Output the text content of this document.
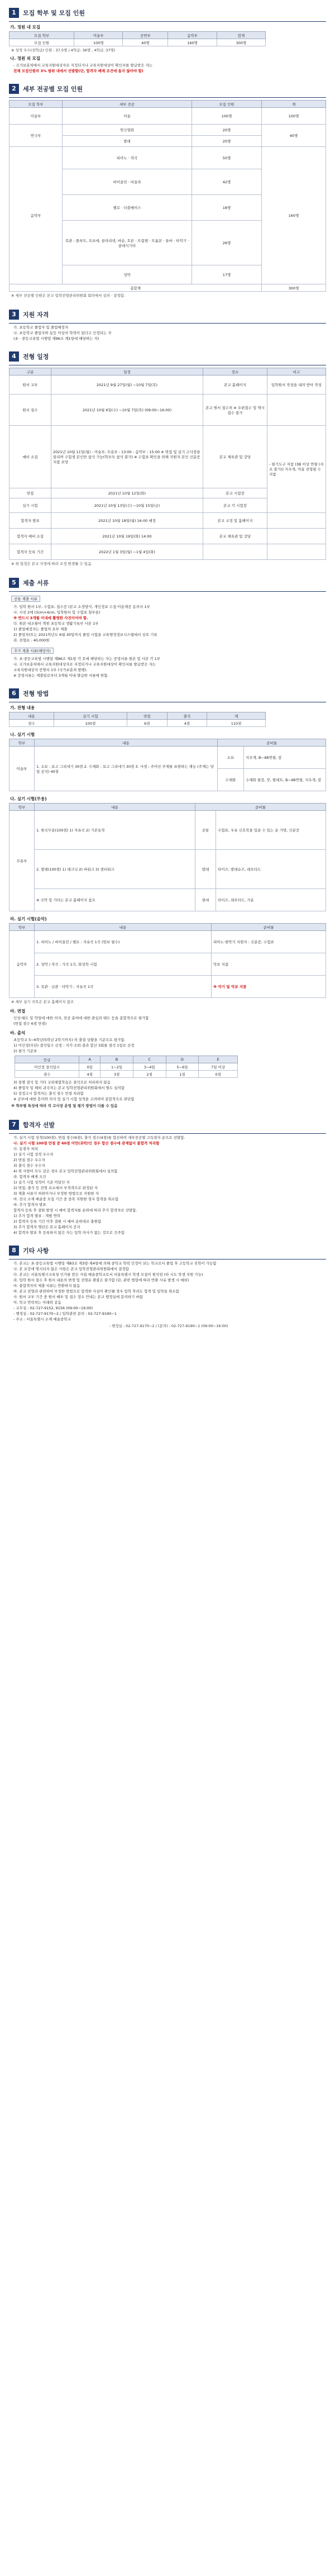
1	모집 학부 및 모집 인원
가. 정원 내 모집
모집 학부	미술부	공연부	음악부	합계
모집 인원	100명	40명	160명	300명
※ 성적 우수(전학급) 인원 : 37.5명 / 4학급: 36명 , 4학급: 37명)
나. 정원 외 모집
- 국가보훈처에서 교육지원대상자로 지정되거나 교육지원대상이 확인서를 발급받은 자는
전체 모집인원의 3% 범위 내에서 선발함(단, 합격자 배제 조건에 올지 않아야 함)
2	세부 전공별 모집 인원
모집 학부	세부 전공	모집 인원	계
미술부	미술	100명	100명
연극부	연극영화	20명	40명
	발레	20명	
음악부	피아노 · 작곡	50명	160명
	바이올린 · 비올라	42명	
	첼로 · 더블베이스	18명	
	목관 : 플루트, 오보에, 클라리넷, 바순, 호른 · 트럼펫 · 트롬본 · 튜바 · 타악기 · 클래식기타	26명	
	성악	17명	
총합계			300명
※ 세부 전공별 인원은 본교 입학전형관리위원회 회의에서 심의 · 결정함.
3	지원 자격
가. 초등학교 졸업자 및 졸업예정자
나. 초등학교 졸업자와 동등 이상의 학력이 있다고 인정되는 자
(초 · 중등교육법 시행령 제96조 제1항에 해당하는 자)
4	전형 일정
구분	일정	장소	비고
원서 교부	2021년 9월 27일(월) ~10월 7일(목)	본교 홈페이지	입학원서 작성을 내려 받아 작성
원서 접수	2021년 10월 6일(수) ~10월 7일(목) (09:00~16:00)	본교 원서 접수처 ※ 우편접수 및 택시 접수 불가	
예비 소집	2021년 10월 11일(월) - 미술부, 무용부 : 13:00 - 음악부 : 15:00 ※ 면접 및 실기 고사장을 알리며 수험생 본인만 참석 가능(학부모 참석 불가) ※ 수험표 확인을 위해 지원자 본인 신분증 지참 요망	본교 체육관 및 강당	- 필기도구 지참 (3B 이상 연필 (샤프 불가)) 지우개, 미술 전형필 수 지참
면접	2021년 10월 12일(화)	본교 시험장	
실기 시험	2021년 10월 13일(수) ~10월 15일(금)	본교 각 시험장	
합격자 발표	2021년 10월 18일(월) 16:00 예정	본교 교정 및 홈페이지	
합격자 예비 소집	2021년 10월 19일(화) 14:00	본교 체육관 및 강당	
합격자 등록 기간	2022년 1월 3일(월) ~1월 4일(화)		
※ 위 일정은 본교 사정에 따라 조정 변경될 수 있음.
5	제출 서류
공통 제출 서류
가. 입학 원서 1부, 수험표, 접수증 (본교 소정양식, 개인정보 수집·이용제공 동의서 1부
나. 사진 2매 (3cm×4cm, 입학원서 및 수험표 첨부용)
※ 반드시 3개월 이내에 촬영한 사진이어야 함.
다. 원본 대조필이 찍힌 초등학교 생활기록부 사본 1부
1) 졸업예정자는 졸업의 요부 제출
2) 졸업자(또는 2021학년도 6월 30일까지 졸업 시험을 교육행정정보시스템에서 상호 기록
라. 전형료 : 40,000원
추가 제출 서류(해당자)
가. 초·중등교육법 시행령 제96조 제1항 각 호에 해당하는 자는 증빙서류 원본 및 사본 각 1부
나. 국가보훈처에서 교육지원대상자로 지정되거나 교육지원대상이 확인서를 발급받은 자는
교육지원대상자 증명서 1부 (국가보훈처 발행).
※ 증빙서류는 제출일로부터 3개월 이내 발급한 서류에 한함.
6	전형 방법
가. 전형 내용
내용	실기 시험	면접	출석	계
점수	100점	6점	4점	110점
나. 실기 시험
학부	내용	준비물	
미술부	1. 소묘 : 보고 그리네기 30점 2. 수채화 : 보고 그리네기 30점 3. 사생 : 주어진 주제를 표현하는 재능 (주제는 당일 공지) 40점	소묘	지우개, B~4B연필, 칼
		수채화	수채화 물감, 붓, 팔레트, B~4B연필, 지우개, 칼
다. 실기 시험(무용)
학부	내용	준비물	
무용부	1. 한국무용(100점) 1) 자유곡 2) 기본동작	공통	수험표, 우유 신호복을 입을 수 있는 운 가방, 신분증
	2. 발레(100점) 1) 테크닉 2) 바워크 3) 센터워크	발레	타이즈, 발레슈즈, 레오타드
	※ 국악 및 기타는 본교 홈페이지 참조	현대	타이즈, 레오타드, 가운
라. 실기 시험(음악)
학부	내용	준비물
음악부	1. 피아노 / 바이올린 / 첼로 : 자유곡 1곡 (암보 필수)	피아노·현악기 지원자 : 신분증, 수험표
	2. 성악 / 작곡 : 가곡 1곡, 화성학 시험	악보 지참
	3. 목관 · 금관 · 타악기 : 자유곡 1곡	※ 악기 및 악보 지참
※ 세부 실기 곡목은 본교 홈페이지 참조
마. 면접
인성·태도 및 학업에 대한 의지, 전공 분야에 대한 관심과 태도 등을 종합적으로 평가함
(면접 점수 6점 만점)
바. 출석
초등학교 5~6학년(5학년 2학기까지) 의 출결 상황을 기준으로 평가함.
1) 미인정(무단) 결석일수 산정 : 지각·조퇴·결과 합산 3회를 결석 1일로 산정
2) 평가 기준표
등급	A	B	C	D	E
미인정 결석일수	0일	1~2일	3~4일	5~6일	7일 이상
점수	4점	3점	2점	1점	0점
3) 질병 결석 및 기타 교외체험학습은 결석으로 처리하지 않음
4) 졸업자 및 해외 귀국자는 본교 입학전형관리위원회에서 별도 심의함
5) 검정고시 합격자는 출석 점수 만점 처리함
※ 공부에 대한 흥미와 의지 및 실기 시험 성적을 고려하여 종합적으로 판단함
※ 학부별 특성에 따라 각 고사장 운영 및 평가 방법이 다를 수 있음
7	합격자 선발
가. 실기 시험 성적(100점), 면접 점수(6점), 출석 점수(4점)를 합산하여 세부전공별 고득점자 순으로 선발함.
나. 실기 시험 100점 만점 중 60점 미만(과락)인 경우 합산 점수에 관계없이 불합격 처리함
다. 동점자 처리
1) 실기 시험 성적 우수자
2) 면접 점수 우수자
3) 출석 점수 우수자
4) 위 사항이 모두 같은 경우 본교 입학전형관리위원회에서 심의함
라. 합격자 배제 조건
1) 실기 시험 성적이 기준 미달인 자
2) 면접, 출석 등 전형 요소에서 부적격으로 판정된 자
3) 제출 서류가 허위이거나 부정한 방법으로 지원한 자
마. 전국 소재 예술중 모집 기간 중 중복 지원한 경우 합격을 취소함
바. 추가 합격자 발표
합격자 등록 후 결원 발생 시 예비 합격자를 순위에 따라 추가 합격자로 선발함.
1) 추가 합격 발표 : 개별 연락
2) 합격자 등록 기간 이후 결원 시 예비 순위대로 충원함
3) 추가 합격자 명단은 본교 홈페이지 공지
4) 합격자 발표 후 등록하지 않은 자는 입학 의사가 없는 것으로 간주함
8	기타 사항
가. 본교는 초·중등교육법 시행령 제83조 제3항·제4항에 의해 중학교 학력 인정이 되는 학교로서 졸업 후 고등학교 진학이 가능함
나. 본 요강에 명시되지 않은 사항은 본교 입학전형관리위원회에서 결정함
다. 본교는 서울특별시교육청 인가를 받은 사립 예술중학교로서 서울특별시 학생 모집이 원칙임 (타 시도 학생 지원 가능)
라. 입학 원서 접수 후 원서 내용의 변경 및 전형료 환불은 불가함 (단, 관련 법령에 따라 반환 사유 발생 시 예외)
마. 불합격자의 제출 서류는 반환하지 않음
바. 본교 전형과 관련하여 부정한 방법으로 합격한 사실이 확인될 경우 입학 후라도 합격 및 입학을 취소함
사. 원서 교부 기간 중 원서 배부 및 접수 장소 안내는 본교 행정실에 문의하기 바람
아. 학교 연락처는 아래와 같음
- 교무실 : 02-727-9152, 9156 (09:00~16:00)
- 행정실 : 02-727-9170~2 / 입학관련 문의 : 02-727-9190~1
- 주소 : 서울특별시 소재 예술중학교
- 행정실 : 02-727-9170~2 / (문의) : 02-727-9190~1 (09:00~16:00)
